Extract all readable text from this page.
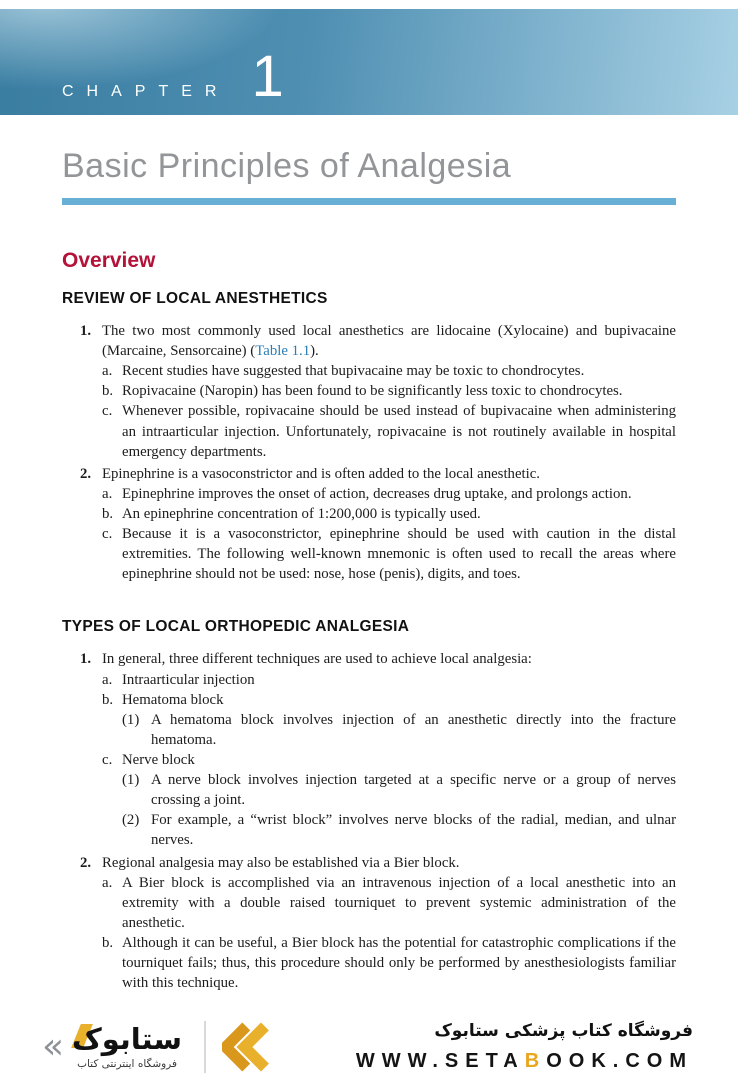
CHAPTER 1
Basic Principles of Analgesia
Overview
REVIEW OF LOCAL ANESTHETICS
1. The two most commonly used local anesthetics are lidocaine (Xylocaine) and bupivacaine (Marcaine, Sensorcaine) (Table 1.1).

a. Recent studies have suggested that bupivacaine may be toxic to chondrocytes.
b. Ropivacaine (Naropin) has been found to be significantly less toxic to chondrocytes.
c. Whenever possible, ropivacaine should be used instead of bupivacaine when administering an intraarticular injection. Unfortunately, ropivacaine is not routinely available in hospital emergency departments.
2. Epinephrine is a vasoconstrictor and is often added to the local anesthetic.

a. Epinephrine improves the onset of action, decreases drug uptake, and prolongs action.
b. An epinephrine concentration of 1:200,000 is typically used.
c. Because it is a vasoconstrictor, epinephrine should be used with caution in the distal extremities. The following well-known mnemonic is often used to recall the areas where epinephrine should not be used: nose, hose (penis), digits, and toes.
TYPES OF LOCAL ORTHOPEDIC ANALGESIA
1. In general, three different techniques are used to achieve local analgesia:

a. Intraarticular injection
b. Hematoma block

(1) A hematoma block involves injection of an anesthetic directly into the fracture hematoma.
c. Nerve block

(1) A nerve block involves injection targeted at a specific nerve or a group of nerves crossing a joint.
(2) For example, a “wrist block” involves nerve blocks of the radial, median, and ulnar nerves.
2. Regional analgesia may also be established via a Bier block.

a. A Bier block is accomplished via an intravenous injection of a local anesthetic into an extremity with a double raised tourniquet to prevent systemic administration of the anesthetic.
b. Although it can be useful, a Bier block has the potential for catastrophic complications if the tourniquet fails; thus, this procedure should only be performed by anesthesiologists familiar with this technique.
« ستابوک
فروشگاه اینترنتی کتاب
فروشگاه کتاب پزشکی ستابوک
WWW.SETABOOK.COM
